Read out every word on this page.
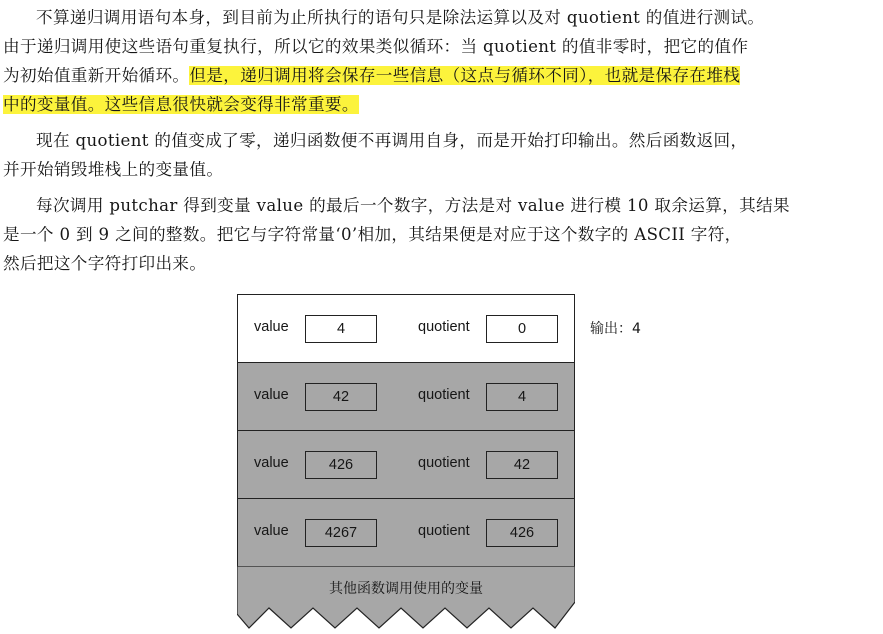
不算递归调用语句本身，到目前为止所执行的语句只是除法运算以及对 quotient 的值进行测试。
由于递归调用使这些语句重复执行，所以它的效果类似循环：当 quotient 的值非零时，把它的值作
为初始值重新开始循环。但是，递归调用将会保存一些信息（这点与循环不同），也就是保存在堆栈
中的变量值。这些信息很快就会变得非常重要。

现在 quotient 的值变成了零，递归函数便不再调用自身，而是开始打印输出。然后函数返回，
并开始销毁堆栈上的变量值。

每次调用 putchar 得到变量 value 的最后一个数字，方法是对 value 进行模 10 取余运算，其结果
是一个 0 到 9 之间的整数。把它与字符常量‘0’相加，其结果便是对应于这个数字的 ASCII 字符，
然后把这个字符打印出来。

value	4	quotient	0
value	42	quotient	4
value	426	quotient	42
value	4267	quotient	426
其他函数调用使用的变量
输出：4
